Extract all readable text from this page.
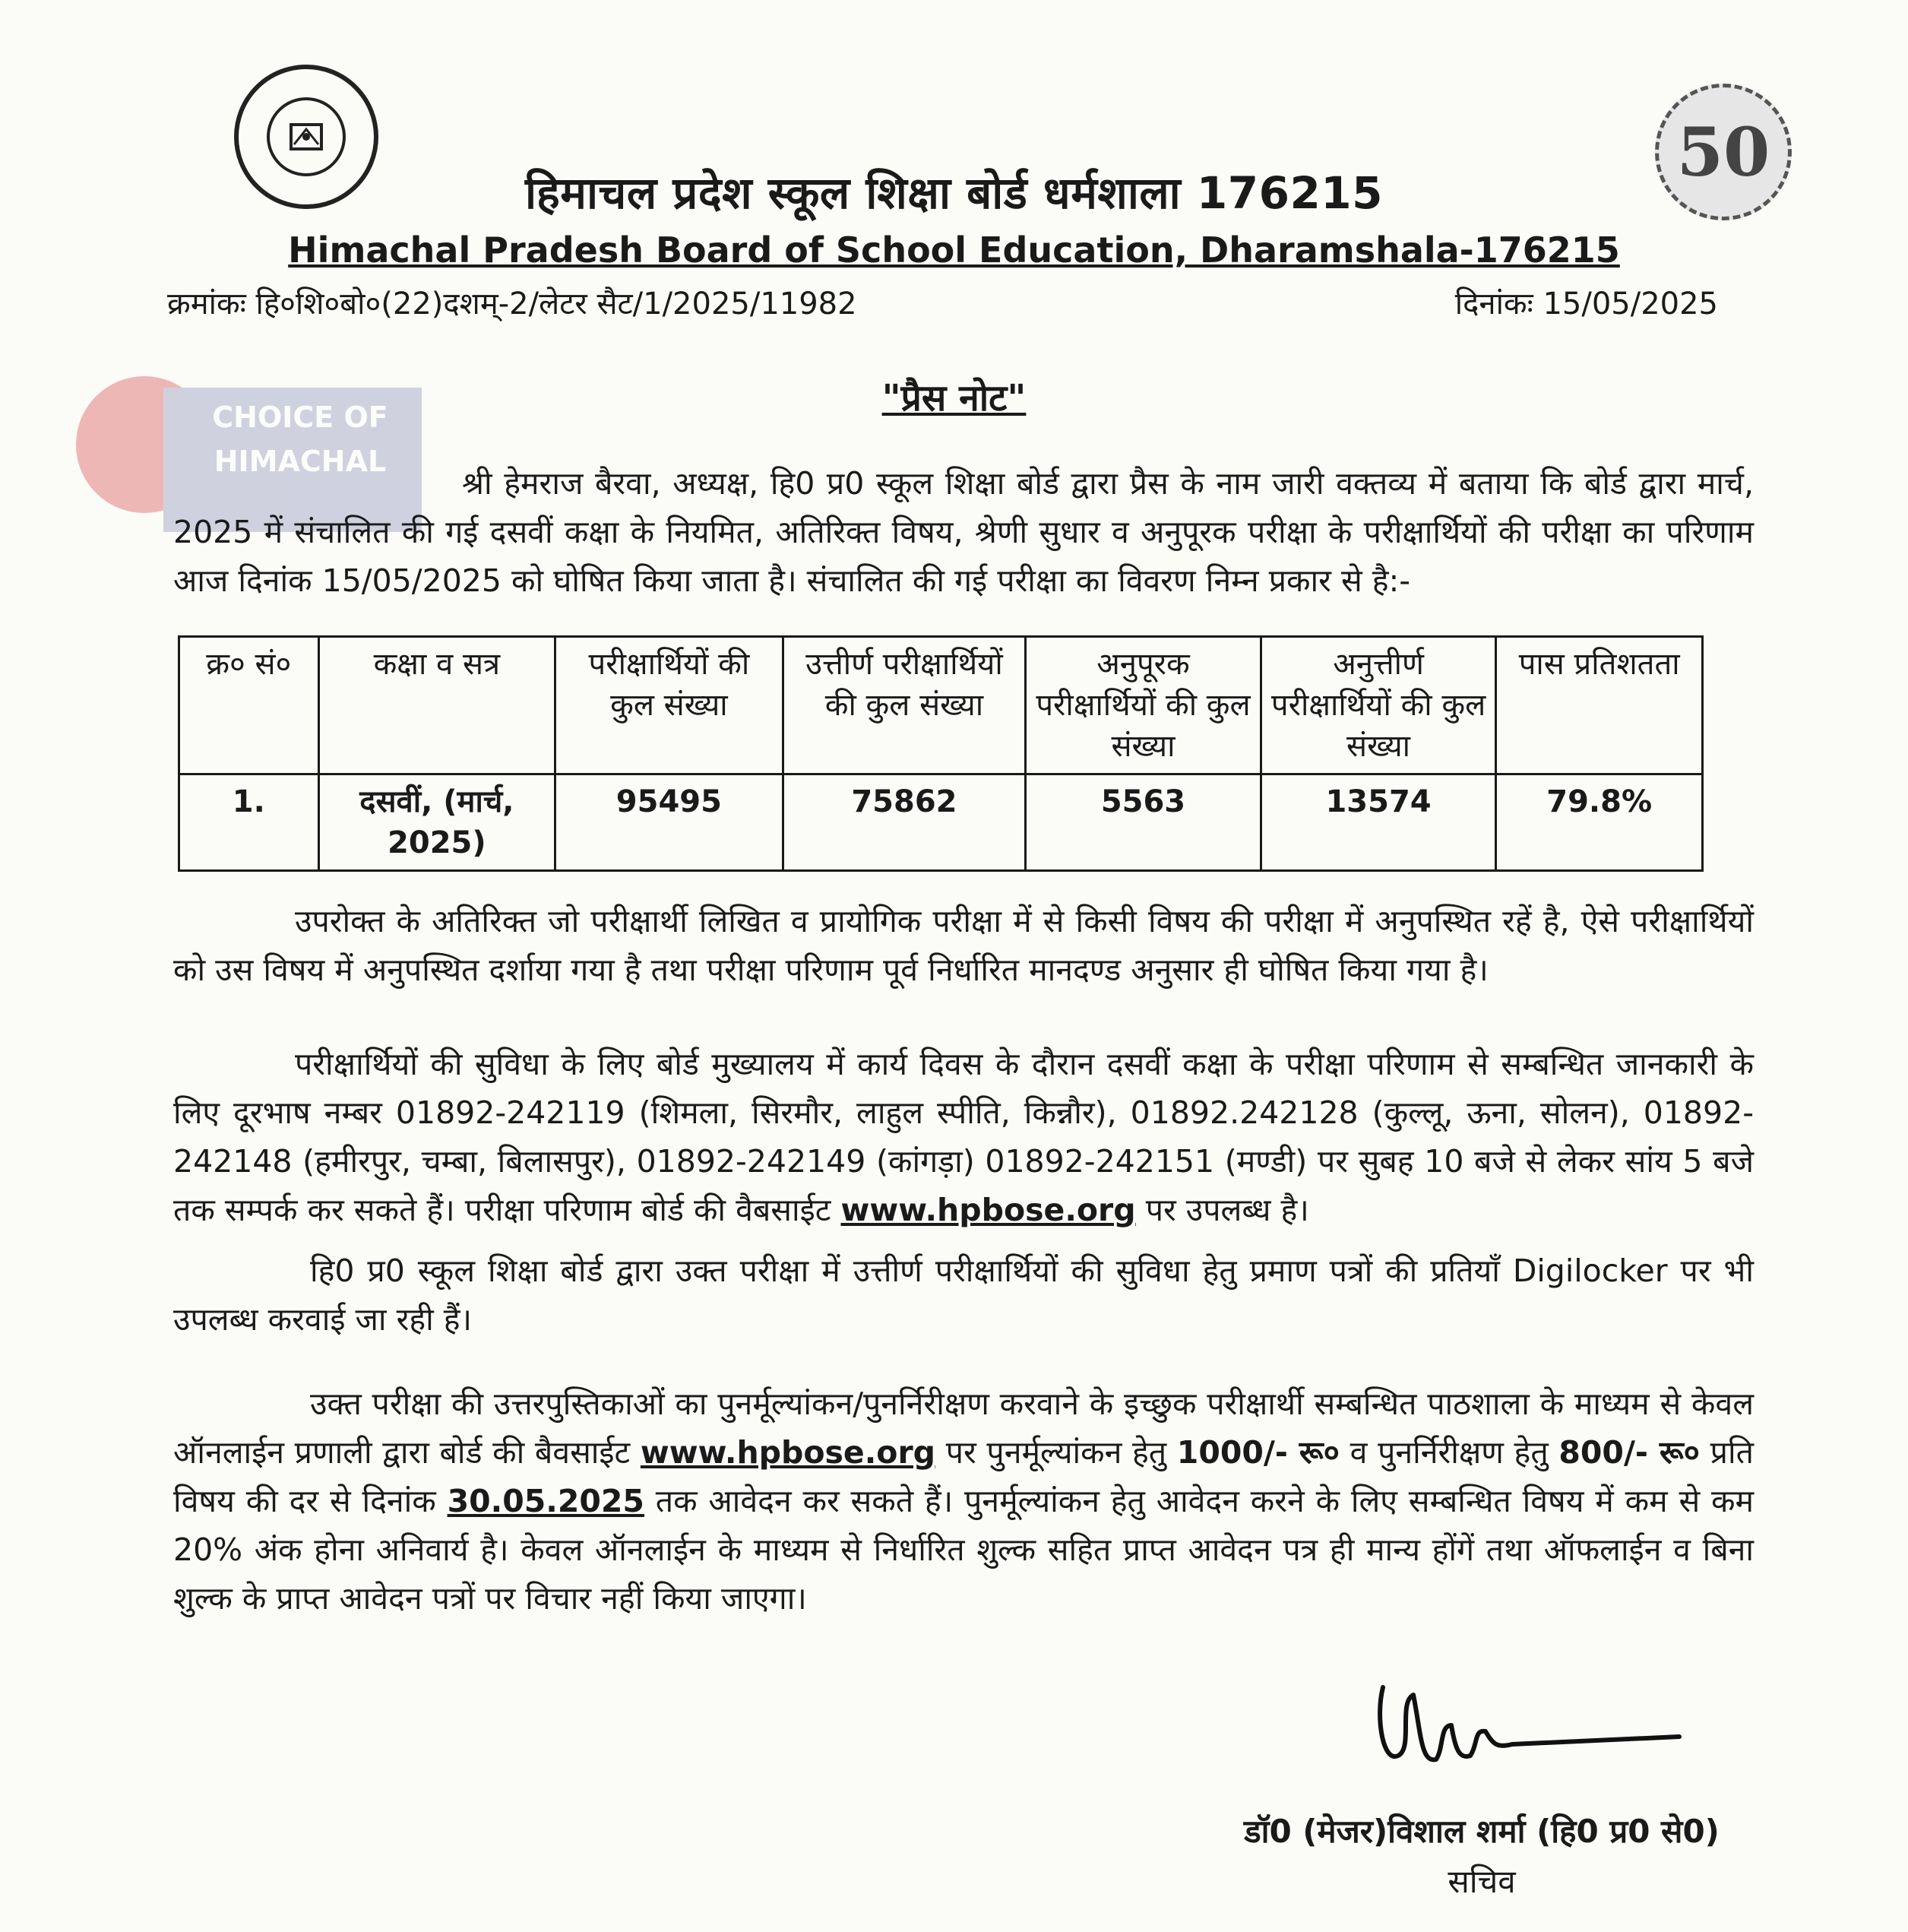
50
CHOICE OF HIMACHAL
हिमाचल प्रदेश स्कूल शिक्षा बोर्ड धर्मशाला 176215
Himachal Pradesh Board of School Education, Dharamshala-176215
क्रमांकः हि०शि०बो०(22)दशम्-2/लेटर सैट/1/2025/11982	दिनांकः 15/05/2025
"प्रैस नोट"
श्री हेमराज बैरवा, अध्यक्ष, हि0 प्र0 स्कूल शिक्षा बोर्ड द्वारा प्रैस के नाम जारी वक्तव्य में बताया कि बोर्ड द्वारा मार्च, 2025 में संचालित की गई दसवीं कक्षा के नियमित, अतिरिक्त विषय, श्रेणी सुधार व अनुपूरक परीक्षा के परीक्षार्थियों की परीक्षा का परिणाम आज दिनांक 15/05/2025 को घोषित किया जाता है। संचालित की गई परीक्षा का विवरण निम्न प्रकार से है:-
क्र० सं०	कक्षा व सत्र	परीक्षार्थियों की कुल संख्या	उत्तीर्ण परीक्षार्थियों की कुल संख्या	अनुपूरक परीक्षार्थियों की कुल संख्या	अनुत्तीर्ण परीक्षार्थियों की कुल संख्या	पास प्रतिशतता
1.	दसवीं, (मार्च, 2025)	95495	75862	5563	13574	79.8%
उपरोक्त के अतिरिक्त जो परीक्षार्थी लिखित व प्रायोगिक परीक्षा में से किसी विषय की परीक्षा में अनुपस्थित रहें है, ऐसे परीक्षार्थियों को उस विषय में अनुपस्थित दर्शाया गया है तथा परीक्षा परिणाम पूर्व निर्धारित मानदण्ड अनुसार ही घोषित किया गया है।
परीक्षार्थियों की सुविधा के लिए बोर्ड मुख्यालय में कार्य दिवस के दौरान दसवीं कक्षा के परीक्षा परिणाम से सम्बन्धित जानकारी के लिए दूरभाष नम्बर 01892-242119 (शिमला, सिरमौर, लाहुल स्पीति, किन्नौर), 01892.242128 (कुल्लू, ऊना, सोलन), 01892-242148 (हमीरपुर, चम्बा, बिलासपुर), 01892-242149 (कांगड़ा) 01892-242151 (मण्डी) पर सुबह 10 बजे से लेकर सांय 5 बजे तक सम्पर्क कर सकते हैं। परीक्षा परिणाम बोर्ड की वैबसाईट www.hpbose.org पर उपलब्ध है।
हि0 प्र0 स्कूल शिक्षा बोर्ड द्वारा उक्त परीक्षा में उत्तीर्ण परीक्षार्थियों की सुविधा हेतु प्रमाण पत्रों की प्रतियाँ Digilocker पर भी उपलब्ध करवाई जा रही हैं।
उक्त परीक्षा की उत्तरपुस्तिकाओं का पुनर्मूल्यांकन/पुनर्निरीक्षण करवाने के इच्छुक परीक्षार्थी सम्बन्धित पाठशाला के माध्यम से केवल ऑनलाईन प्रणाली द्वारा बोर्ड की बैवसाईट www.hpbose.org पर पुनर्मूल्यांकन हेतु 1000/- रू० व पुनर्निरीक्षण हेतु 800/- रू० प्रति विषय की दर से दिनांक 30.05.2025 तक आवेदन कर सकते हैं। पुनर्मूल्यांकन हेतु आवेदन करने के लिए सम्बन्धित विषय में कम से कम 20% अंक होना अनिवार्य है। केवल ऑनलाईन के माध्यम से निर्धारित शुल्क सहित प्राप्त आवेदन पत्र ही मान्य होंगें तथा ऑफलाईन व बिना शुल्क के प्राप्त आवेदन पत्रों पर विचार नहीं किया जाएगा।
डॉ0 (मेजर)विशाल शर्मा (हि0 प्र0 से0)
सचिव
